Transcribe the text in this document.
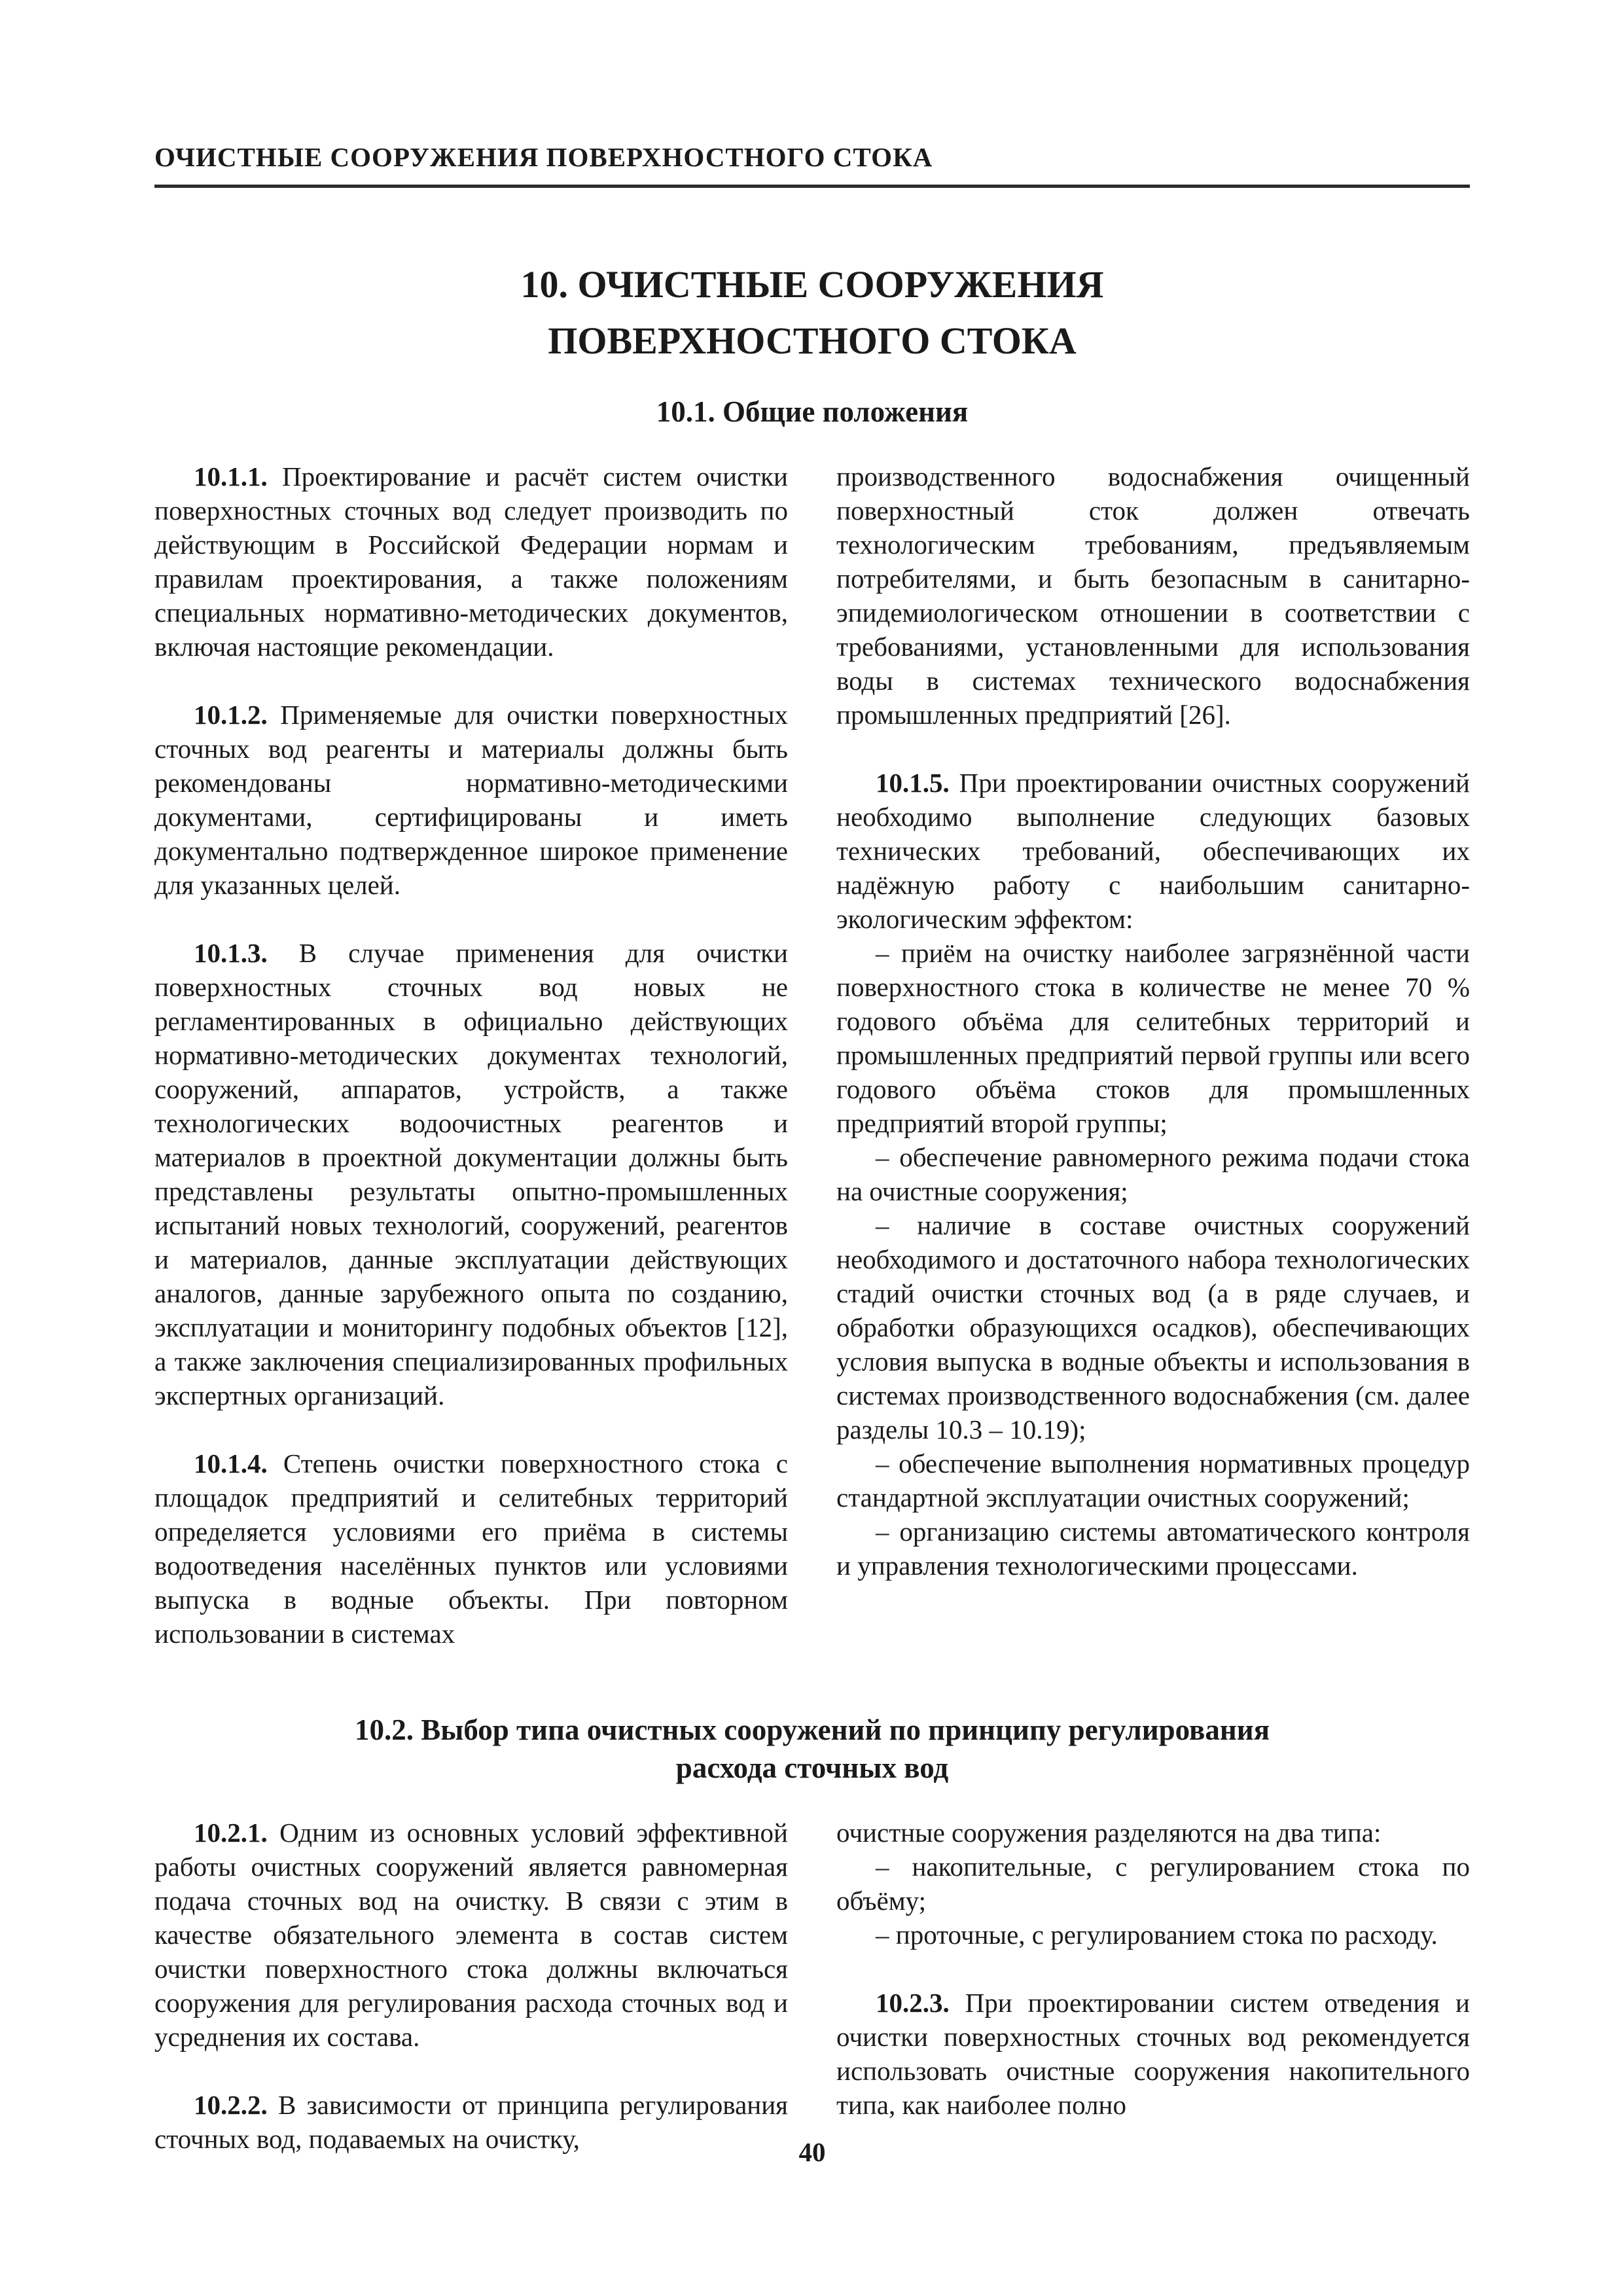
ОЧИСТНЫЕ СООРУЖЕНИЯ ПОВЕРХНОСТНОГО СТОКА
10. ОЧИСТНЫЕ СООРУЖЕНИЯ
ПОВЕРХНОСТНОГО СТОКА
10.1. Общие положения

10.1.1. Проектирование и расчёт систем очистки поверхностных сточных вод следует производить по действующим в Российской Федерации нормам и правилам проектирования, а также положениям специальных нормативно-методических документов, включая настоящие рекомендации.

10.1.2. Применяемые для очистки поверхностных сточных вод реагенты и материалы должны быть рекомендованы нормативно-методическими документами, сертифицированы и иметь документально подтвержденное широкое применение для указанных целей.

10.1.3. В случае применения для очистки поверхностных сточных вод новых не регламентированных в официально действующих нормативно-методических документах технологий, сооружений, аппаратов, устройств, а также технологических водоочистных реагентов и материалов в проектной документации должны быть представлены результаты опытно-промышленных испытаний новых технологий, сооружений, реагентов и материалов, данные эксплуатации действующих аналогов, данные зарубежного опыта по созданию, эксплуатации и мониторингу подобных объектов [12], а также заключения специализированных профильных экспертных организаций.

10.1.4. Степень очистки поверхностного стока с площадок предприятий и селитебных территорий определяется условиями его приёма в системы водоотведения населённых пунктов или условиями выпуска в водные объекты. При повторном использовании в системах

производственного водоснабжения очищенный поверхностный сток должен отвечать технологическим требованиям, предъявляемым потребителями, и быть безопасным в санитарно-эпидемиологическом отношении в соответствии с требованиями, установленными для использования воды в системах технического водоснабжения промышленных предприятий [26].

10.1.5. При проектировании очистных сооружений необходимо выполнение следующих базовых технических требований, обеспечивающих их надёжную работу с наибольшим санитарно-экологическим эффектом:

– приём на очистку наиболее загрязнённой части поверхностного стока в количестве не менее 70 % годового объёма для селитебных территорий и промышленных предприятий первой группы или всего годового объёма стоков для промышленных предприятий второй группы;
– обеспечение равномерного режима подачи стока на очистные сооружения;
– наличие в составе очистных сооружений необходимого и достаточного набора технологических стадий очистки сточных вод (а в ряде случаев, и обработки образующихся осадков), обеспечивающих условия выпуска в водные объекты и использования в системах производственного водоснабжения (см. далее разделы 10.3 – 10.19);
– обеспечение выполнения нормативных процедур стандартной эксплуатации очистных сооружений;
– организацию системы автоматического контроля и управления технологическими процессами.
10.2. Выбор типа очистных сооружений по принципу регулирования
расхода сточных вод

10.2.1. Одним из основных условий эффективной работы очистных сооружений является равномерная подача сточных вод на очистку. В связи с этим в качестве обязательного элемента в состав систем очистки поверхностного стока должны включаться сооружения для регулирования расхода сточных вод и усреднения их состава.

10.2.2. В зависимости от принципа регулирования сточных вод, подаваемых на очистку,

очистные сооружения разделяются на два типа:

– накопительные, с регулированием стока по объёму;
– проточные, с регулированием стока по расходу.

10.2.3. При проектировании систем отведения и очистки поверхностных сточных вод рекомендуется использовать очистные сооружения накопительного типа, как наиболее полно

40
